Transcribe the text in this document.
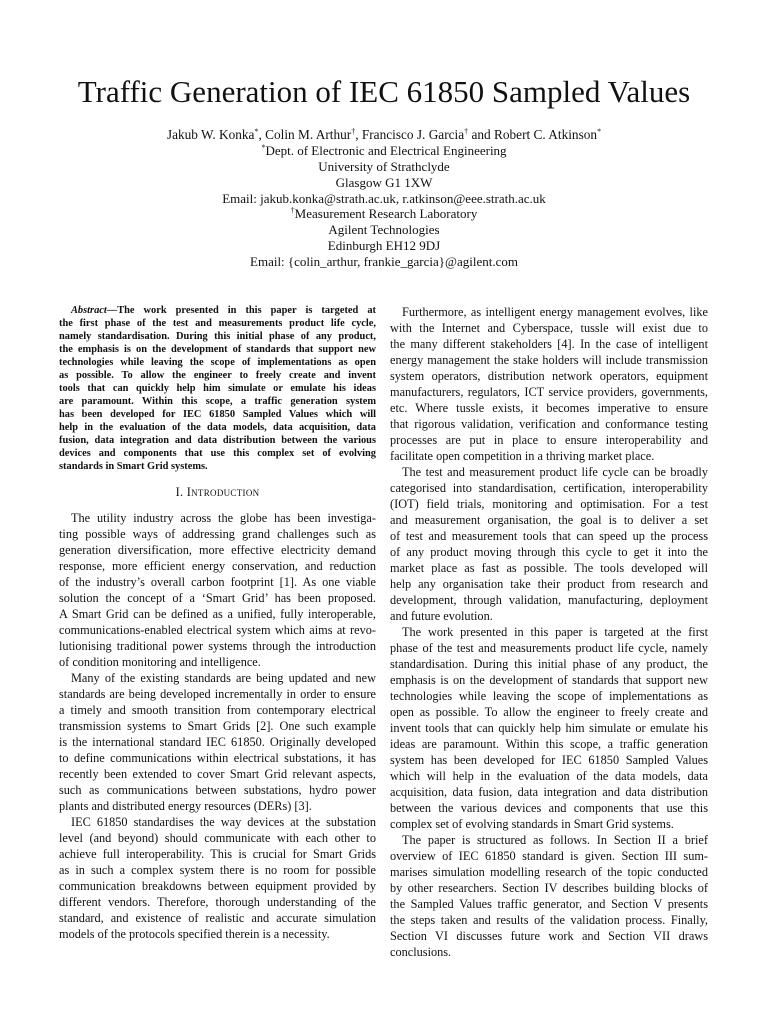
Traffic Generation of IEC 61850 Sampled Values
Jakub W. Konka*, Colin M. Arthur†, Francisco J. Garcia† and Robert C. Atkinson*
*Dept. of Electronic and Electrical Engineering
University of Strathclyde
Glasgow G1 1XW
Email: jakub.konka@strath.ac.uk, r.atkinson@eee.strath.ac.uk
†Measurement Research Laboratory
Agilent Technologies
Edinburgh EH12 9DJ
Email: {colin_arthur, frankie_garcia}@agilent.com
Abstract—The work presented in this paper is targeted at
the first phase of the test and measurements product life cycle,
namely standardisation. During this initial phase of any product,
the emphasis is on the development of standards that support new
technologies while leaving the scope of implementations as open
as possible. To allow the engineer to freely create and invent
tools that can quickly help him simulate or emulate his ideas
are paramount. Within this scope, a traffic generation system
has been developed for IEC 61850 Sampled Values which will
help in the evaluation of the data models, data acquisition, data
fusion, data integration and data distribution between the various
devices and components that use this complex set of evolving
standards in Smart Grid systems.
I. Introduction
The utility industry across the globe has been investiga-
ting possible ways of addressing grand challenges such as
generation diversification, more effective electricity demand
response, more efficient energy conservation, and reduction
of the industry’s overall carbon footprint [1]. As one viable
solution the concept of a ‘Smart Grid’ has been proposed.
A Smart Grid can be defined as a unified, fully interoperable,
communications-enabled electrical system which aims at revo-
lutionising traditional power systems through the introduction
of condition monitoring and intelligence.
Many of the existing standards are being updated and new
standards are being developed incrementally in order to ensure
a timely and smooth transition from contemporary electrical
transmission systems to Smart Grids [2]. One such example
is the international standard IEC 61850. Originally developed
to define communications within electrical substations, it has
recently been extended to cover Smart Grid relevant aspects,
such as communications between substations, hydro power
plants and distributed energy resources (DERs) [3].
IEC 61850 standardises the way devices at the substation
level (and beyond) should communicate with each other to
achieve full interoperability. This is crucial for Smart Grids
as in such a complex system there is no room for possible
communication breakdowns between equipment provided by
different vendors. Therefore, thorough understanding of the
standard, and existence of realistic and accurate simulation
models of the protocols specified therein is a necessity.
Furthermore, as intelligent energy management evolves, like
with the Internet and Cyberspace, tussle will exist due to
the many different stakeholders [4]. In the case of intelligent
energy management the stake holders will include transmission
system operators, distribution network operators, equipment
manufacturers, regulators, ICT service providers, governments,
etc. Where tussle exists, it becomes imperative to ensure
that rigorous validation, verification and conformance testing
processes are put in place to ensure interoperability and
facilitate open competition in a thriving market place.
The test and measurement product life cycle can be broadly
categorised into standardisation, certification, interoperability
(IOT) field trials, monitoring and optimisation. For a test
and measurement organisation, the goal is to deliver a set
of test and measurement tools that can speed up the process
of any product moving through this cycle to get it into the
market place as fast as possible. The tools developed will
help any organisation take their product from research and
development, through validation, manufacturing, deployment
and future evolution.
The work presented in this paper is targeted at the first
phase of the test and measurements product life cycle, namely
standardisation. During this initial phase of any product, the
emphasis is on the development of standards that support new
technologies while leaving the scope of implementations as
open as possible. To allow the engineer to freely create and
invent tools that can quickly help him simulate or emulate his
ideas are paramount. Within this scope, a traffic generation
system has been developed for IEC 61850 Sampled Values
which will help in the evaluation of the data models, data
acquisition, data fusion, data integration and data distribution
between the various devices and components that use this
complex set of evolving standards in Smart Grid systems.
The paper is structured as follows. In Section II a brief
overview of IEC 61850 standard is given. Section III sum-
marises simulation modelling research of the topic conducted
by other researchers. Section IV describes building blocks of
the Sampled Values traffic generator, and Section V presents
the steps taken and results of the validation process. Finally,
Section VI discusses future work and Section VII draws
conclusions.
